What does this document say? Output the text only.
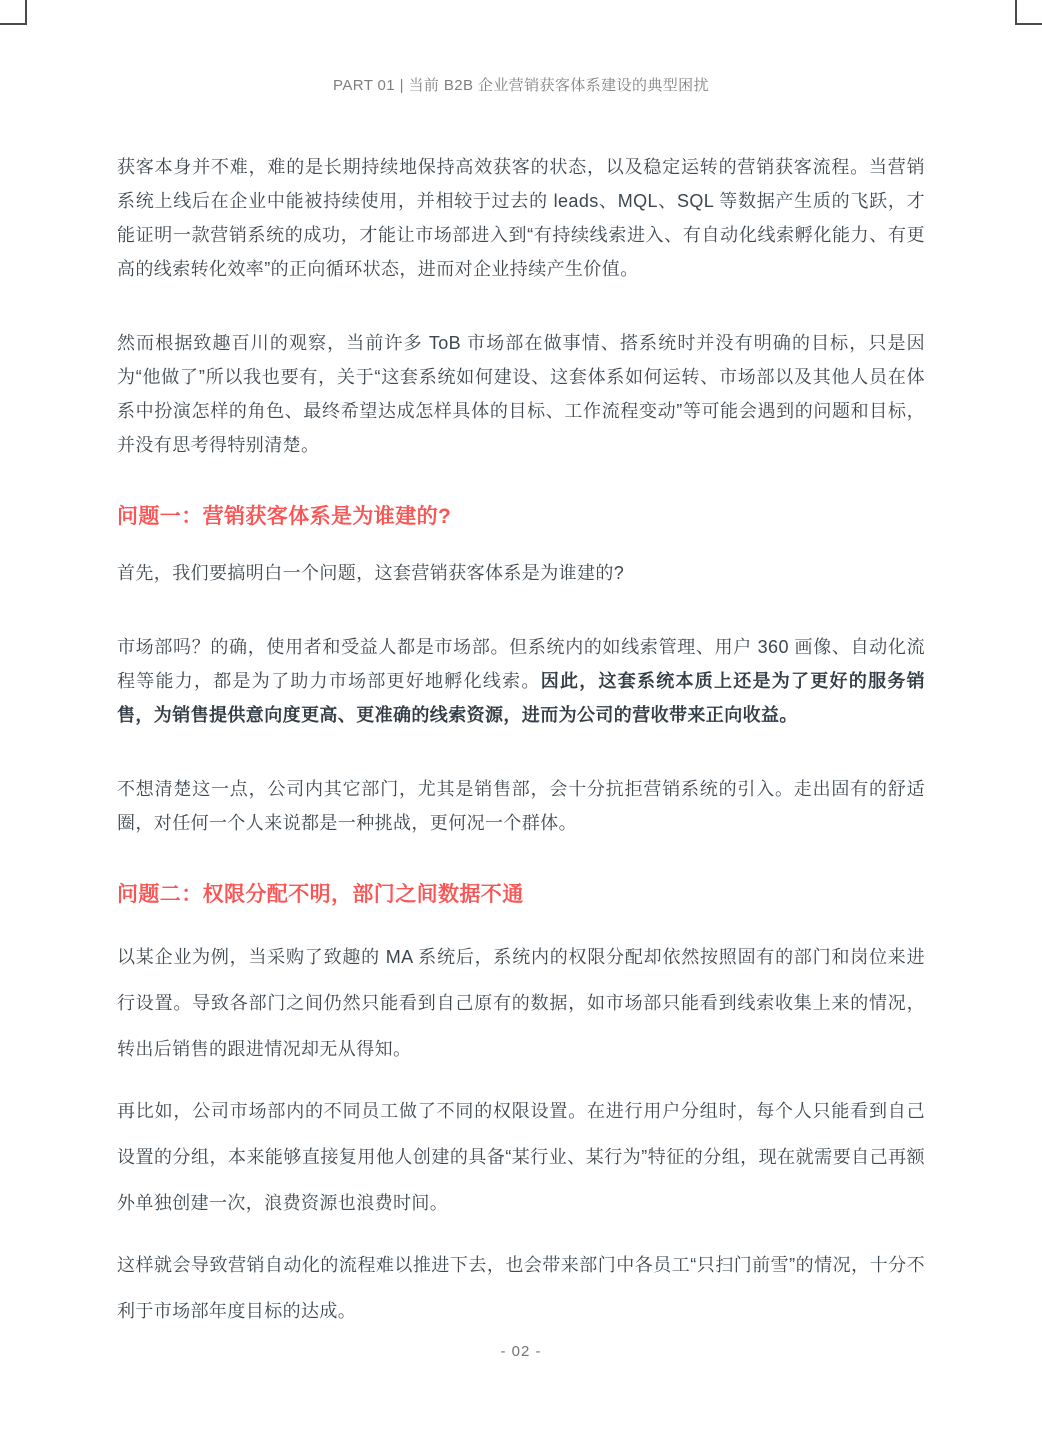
PART 01 | 当前 B2B 企业营销获客体系建设的典型困扰

获客本身并不难，难的是长期持续地保持高效获客的状态，以及稳定运转的营销获客流程。当营销系统上线后在企业中能被持续使用，并相较于过去的 leads、MQL、SQL 等数据产生质的飞跃，才能证明一款营销系统的成功，才能让市场部进入到“有持续线索进入、有自动化线索孵化能力、有更高的线索转化效率”的正向循环状态，进而对企业持续产生价值。

然而根据致趣百川的观察，当前许多 ToB 市场部在做事情、搭系统时并没有明确的目标，只是因为“他做了”所以我也要有，关于“这套系统如何建设、这套体系如何运转、市场部以及其他人员在体系中扮演怎样的角色、最终希望达成怎样具体的目标、工作流程变动”等可能会遇到的问题和目标，并没有思考得特别清楚。

问题一：营销获客体系是为谁建的?

首先，我们要搞明白一个问题，这套营销获客体系是为谁建的?

市场部吗？的确，使用者和受益人都是市场部。但系统内的如线索管理、用户 360 画像、自动化流程等能力，都是为了助力市场部更好地孵化线索。因此，这套系统本质上还是为了更好的服务销售，为销售提供意向度更高、更准确的线索资源，进而为公司的营收带来正向收益。

不想清楚这一点，公司内其它部门，尤其是销售部，会十分抗拒营销系统的引入。走出固有的舒适圈，对任何一个人来说都是一种挑战，更何况一个群体。

问题二：权限分配不明，部门之间数据不通

以某企业为例，当采购了致趣的 MA 系统后，系统内的权限分配却依然按照固有的部门和岗位来进行设置。导致各部门之间仍然只能看到自己原有的数据，如市场部只能看到线索收集上来的情况，转出后销售的跟进情况却无从得知。

再比如，公司市场部内的不同员工做了不同的权限设置。在进行用户分组时，每个人只能看到自己设置的分组，本来能够直接复用他人创建的具备“某行业、某行为”特征的分组，现在就需要自己再额外单独创建一次，浪费资源也浪费时间。

这样就会导致营销自动化的流程难以推进下去，也会带来部门中各员工“只扫门前雪”的情况，十分不利于市场部年度目标的达成。

- 02 -
